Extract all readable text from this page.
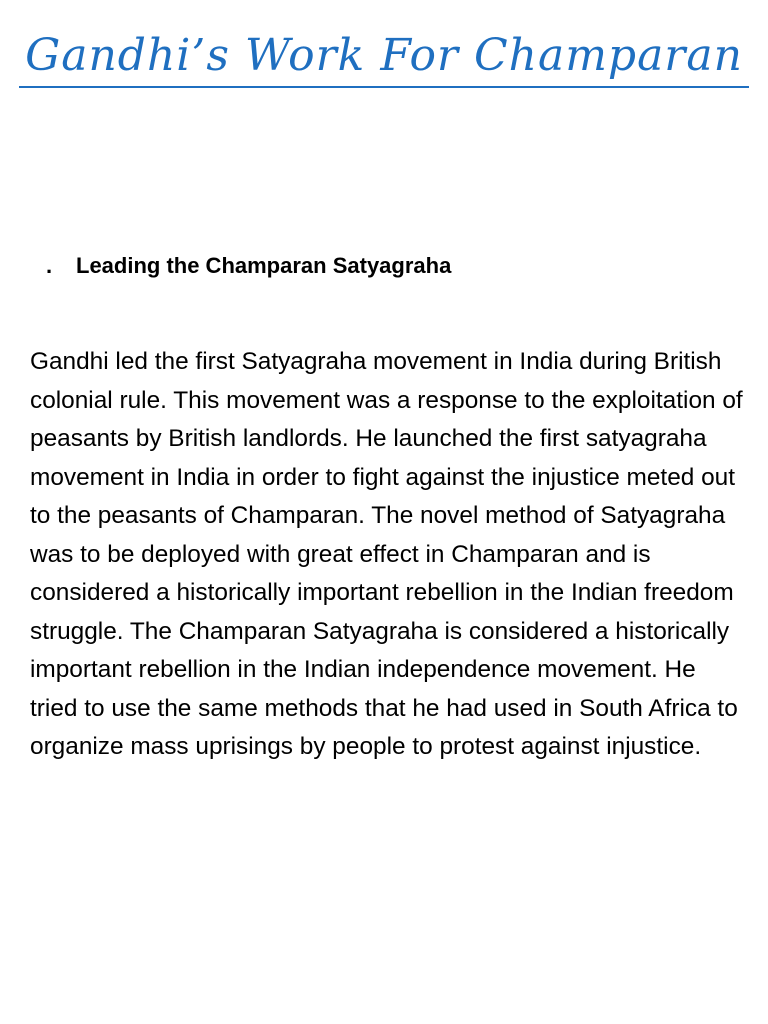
Gandhi’s Work For Champaran
.	Leading the Champaran Satyagraha

Gandhi led the first Satyagraha movement in India during British colonial rule. This movement was a response to the exploitation of peasants by British landlords. He launched the first satyagraha movement in India in order to fight against the injustice meted out to the peasants of Champaran. The novel method of Satyagraha was to be deployed with great effect in Champaran and is considered a historically important rebellion in the Indian freedom struggle. The Champaran Satyagraha is considered a historically important rebellion in the Indian independence movement. He tried to use the same methods that he had used in South Africa to organize mass uprisings by people to protest against injustice.
